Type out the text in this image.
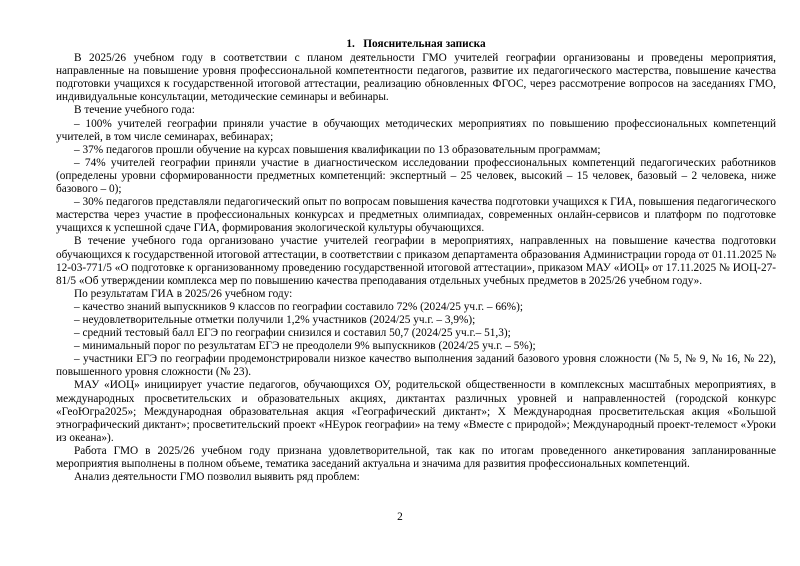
1.   Пояснительная записка

В 2025/26 учебном году в соответствии с планом деятельности ГМО учителей географии организованы и проведены мероприятия, направленные на повышение уровня профессиональной компетентности педагогов, развитие их педагогического мастерства, повышение качества подготовки учащихся к государственной итоговой аттестации, реализацию обновленных ФГОС, через рассмотрение вопросов на заседаниях ГМО, индивидуальные консультации, методические семинары и вебинары.

В течение учебного года:

– 100% учителей географии приняли участие в обучающих методических мероприятиях по повышению профессиональных компетенций учителей, в том числе семинарах, вебинарах;

– 37% педагогов прошли обучение на курсах повышения квалификации по 13 образовательным программам;

– 74% учителей географии приняли участие в диагностическом исследовании профессиональных компетенций педагогических работников (определены уровни сформированности предметных компетенций: экспертный – 25 человек, высокий – 15 человек, базовый – 2 человека, ниже базового – 0);

– 30% педагогов представляли педагогический опыт по вопросам повышения качества подготовки учащихся к ГИА, повышения педагогического мастерства через участие в профессиональных конкурсах и предметных олимпиадах, современных онлайн-сервисов и платформ по подготовке учащихся к успешной сдаче ГИА, формирования экологической культуры обучающихся.

В течение учебного года организовано участие учителей географии в мероприятиях, направленных на повышение качества подготовки обучающихся к государственной итоговой аттестации, в соответствии с приказом департамента образования Администрации города от 01.11.2025 № 12-03-771/5 «О подготовке к организованному проведению государственной итоговой аттестации», приказом МАУ «ИОЦ» от 17.11.2025 № ИОЦ-27-81/5 «Об утверждении комплекса мер по повышению качества преподавания отдельных учебных предметов в 2025/26 учебном году».

По результатам ГИА в 2025/26 учебном году:

– качество знаний выпускников 9 классов по географии составило 72% (2024/25 уч.г. – 66%);

– неудовлетворительные отметки получили 1,2% участников (2024/25 уч.г. – 3,9%);

– средний тестовый балл ЕГЭ по географии снизился и составил 50,7 (2024/25 уч.г.– 51,3);

– минимальный порог по результатам ЕГЭ не преодолели 9% выпускников (2024/25 уч.г. – 5%);

– участники ЕГЭ по географии продемонстрировали низкое качество выполнения заданий базового уровня сложности (№ 5, № 9, № 16, № 22), повышенного уровня сложности (№ 23).

МАУ «ИОЦ» инициирует участие педагогов, обучающихся ОУ, родительской общественности в комплексных масштабных мероприятиях, в международных просветительских и образовательных акциях, диктантах различных уровней и направленностей (городской конкурс «ГеоЮгра2025»; Международная образовательная акция «Географический диктант»; X Международная просветительская акция «Большой этнографический диктант»; просветительский проект «НЕурок географии» на тему «Вместе с природой»; Международный проект-телемост «Уроки из океана»).

Работа ГМО в 2025/26 учебном году признана удовлетворительной, так как по итогам проведенного анкетирования запланированные мероприятия выполнены в полном объеме, тематика заседаний актуальна и значима для развития профессиональных компетенций.

Анализ деятельности ГМО позволил выявить ряд проблем:

2
